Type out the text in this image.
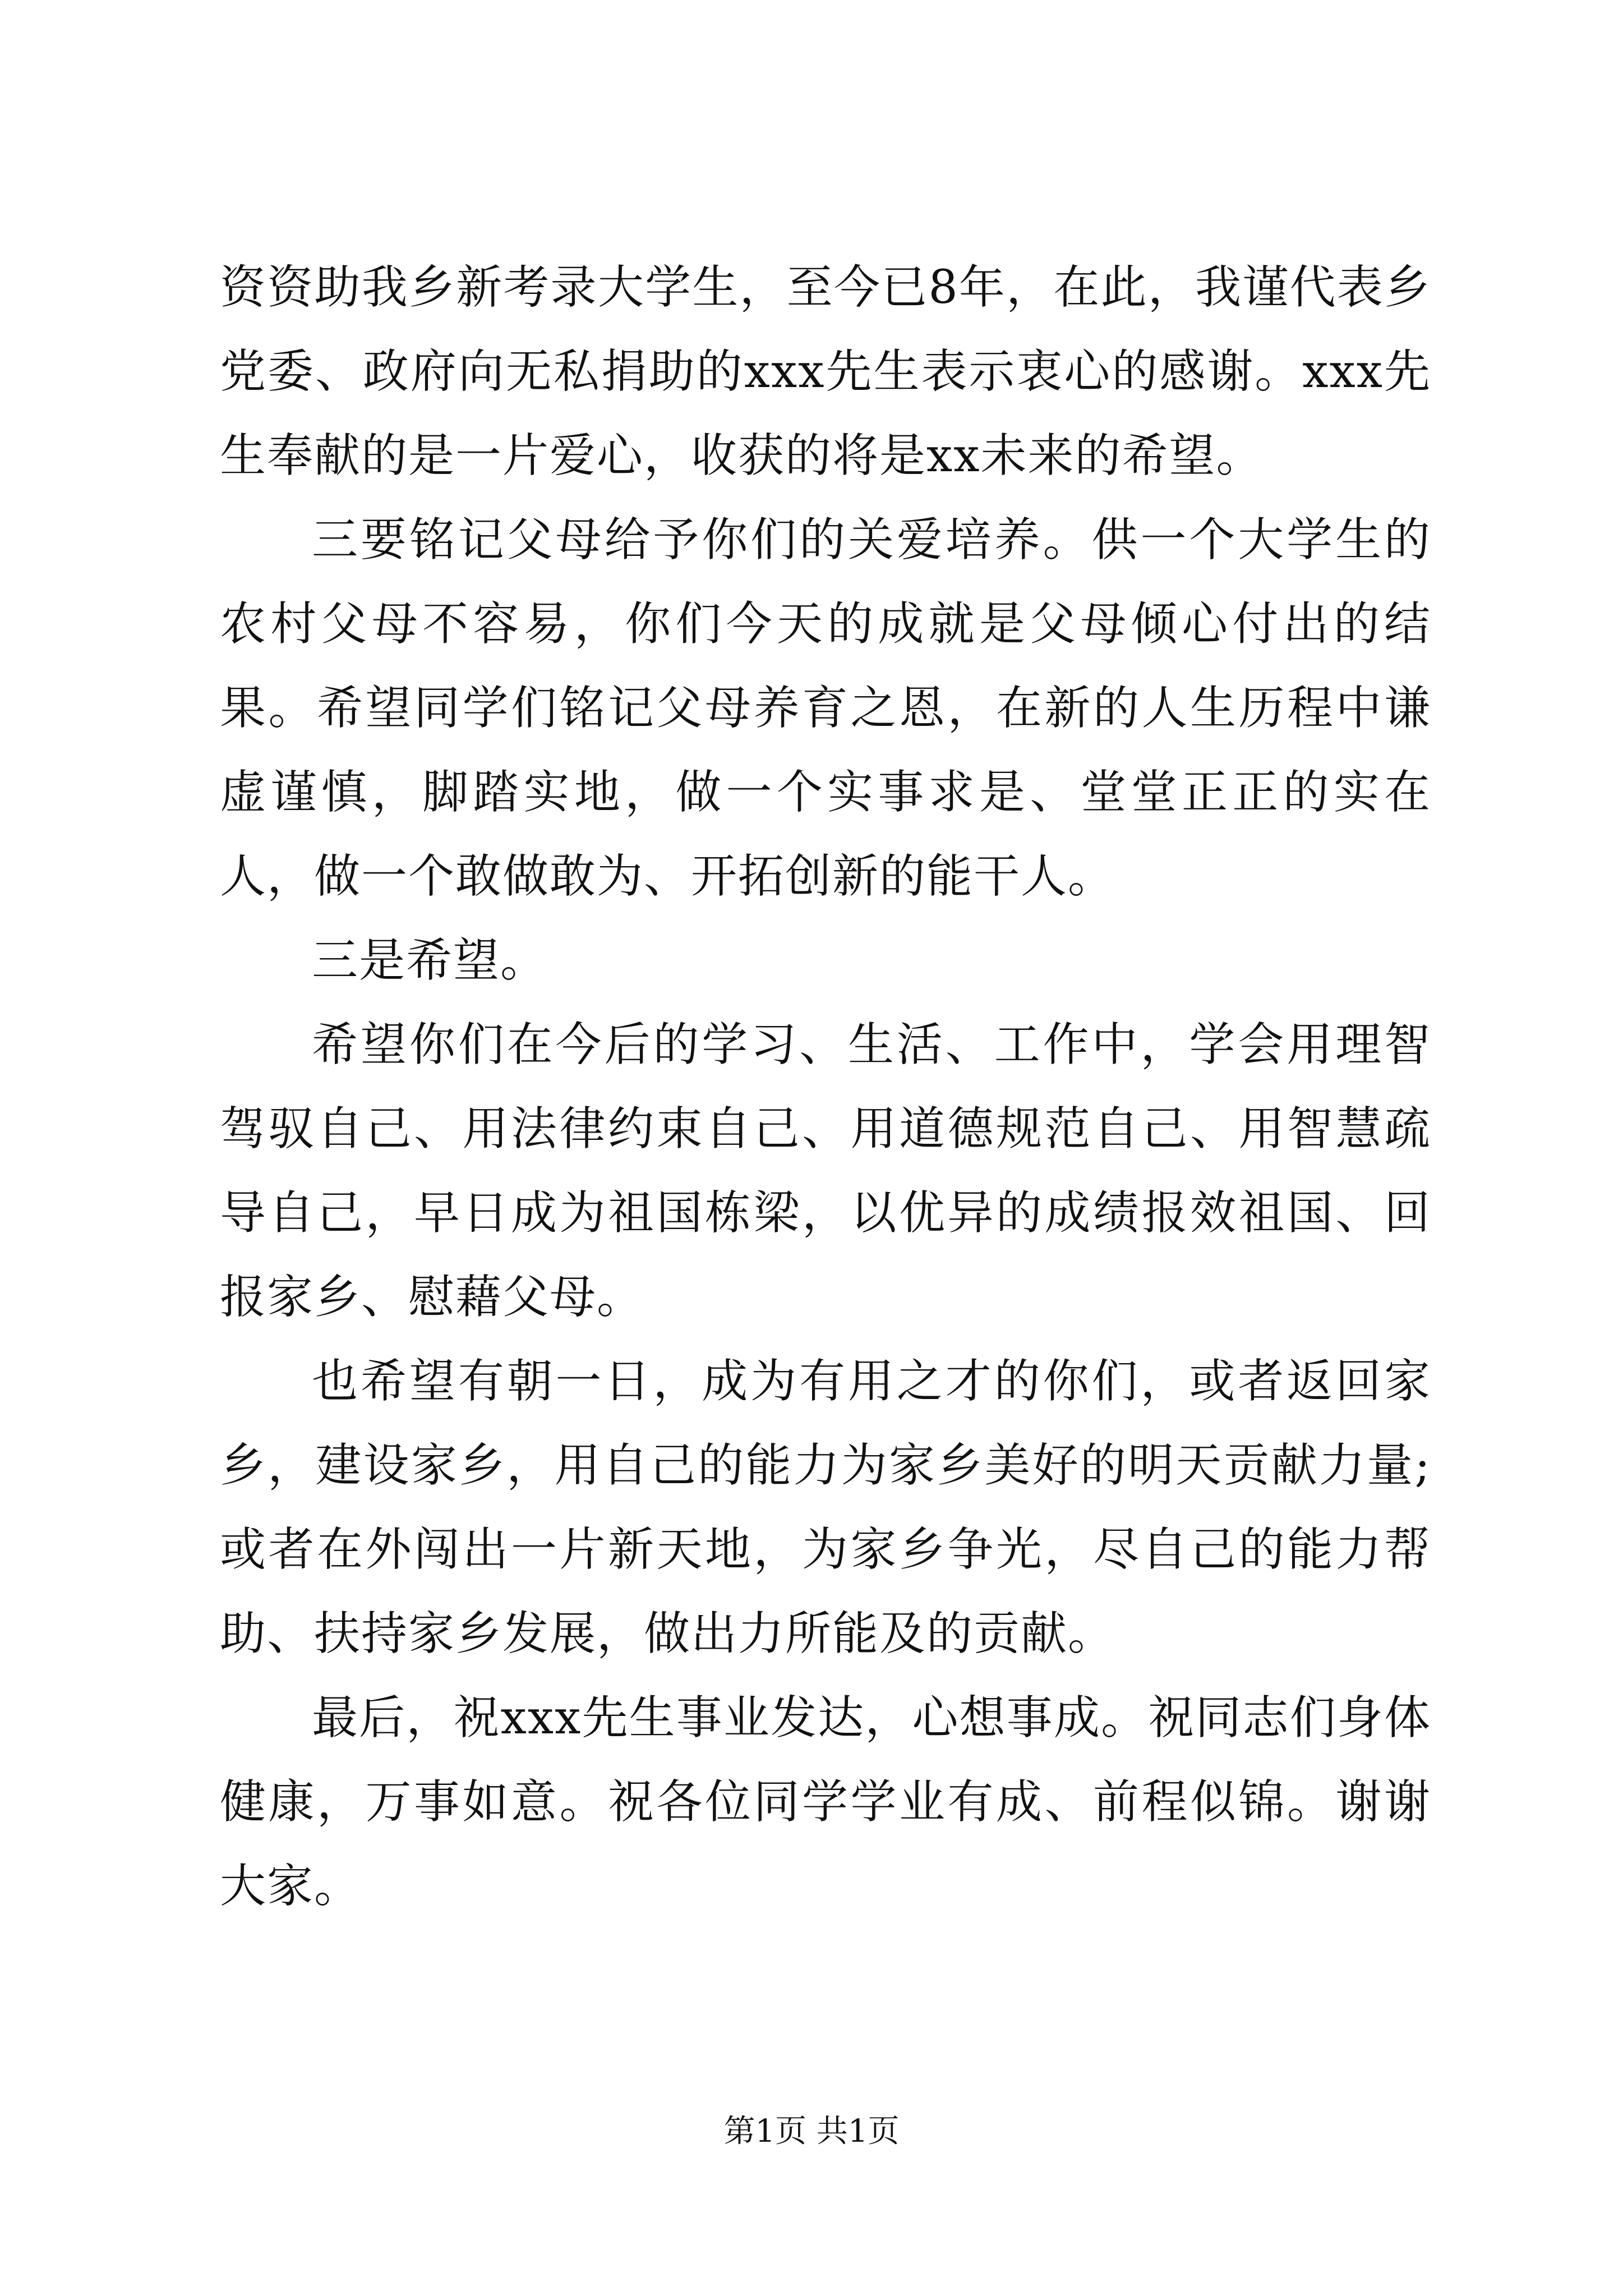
资资助我乡新考录大学生，至今已8年，在此，我谨代表乡党委、政府向无私捐助的xxx先生表示衷心的感谢。xxx先生奉献的是一片爱心，收获的将是xx未来的希望。

三要铭记父母给予你们的关爱培养。供一个大学生的农村父母不容易，你们今天的成就是父母倾心付出的结果。希望同学们铭记父母养育之恩，在新的人生历程中谦虚谨慎，脚踏实地，做一个实事求是、堂堂正正的实在人，做一个敢做敢为、开拓创新的能干人。

三是希望。

希望你们在今后的学习、生活、工作中，学会用理智驾驭自己、用法律约束自己、用道德规范自己、用智慧疏导自己，早日成为祖国栋梁，以优异的成绩报效祖国、回报家乡、慰藉父母。

也希望有朝一日，成为有用之才的你们，或者返回家乡，建设家乡，用自己的能力为家乡美好的明天贡献力量;或者在外闯出一片新天地，为家乡争光，尽自己的能力帮助、扶持家乡发展，做出力所能及的贡献。

最后，祝xxx先生事业发达，心想事成。祝同志们身体健康，万事如意。祝各位同学学业有成、前程似锦。谢谢大家。

第1页 共1页
